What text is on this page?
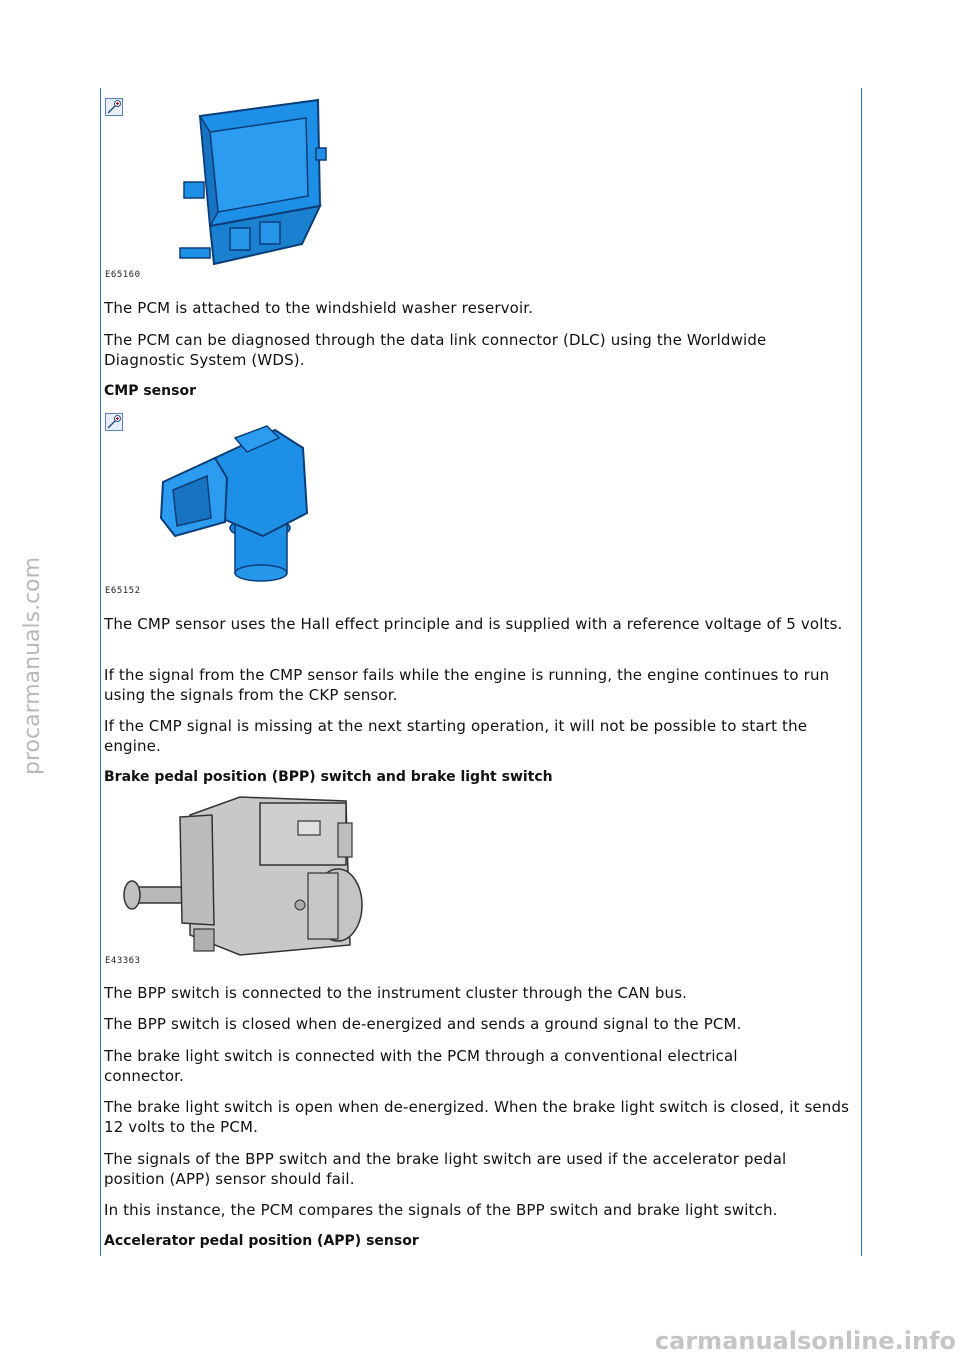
E65160

The PCM is attached to the windshield washer reservoir.

The PCM can be diagnosed through the data link connector (DLC) using the Worldwide Diagnostic System (WDS).

CMP sensor
E65152

The CMP sensor uses the Hall effect principle and is supplied with a reference voltage of 5 volts.

If the signal from the CMP sensor fails while the engine is running, the engine continues to run using the signals from the CKP sensor.

If the CMP signal is missing at the next starting operation, it will not be possible to start the engine.

Brake pedal position (BPP) switch and brake light switch
E43363

The BPP switch is connected to the instrument cluster through the CAN bus.

The BPP switch is closed when de-energized and sends a ground signal to the PCM.

The brake light switch is connected with the PCM through a conventional electrical connector.

The brake light switch is open when de-energized. When the brake light switch is closed, it sends 12 volts to the PCM.

The signals of the BPP switch and the brake light switch are used if the accelerator pedal position (APP) sensor should fail.

In this instance, the PCM compares the signals of the BPP switch and brake light switch.

Accelerator pedal position (APP) sensor
procarmanuals.com
carmanualsonline.info
